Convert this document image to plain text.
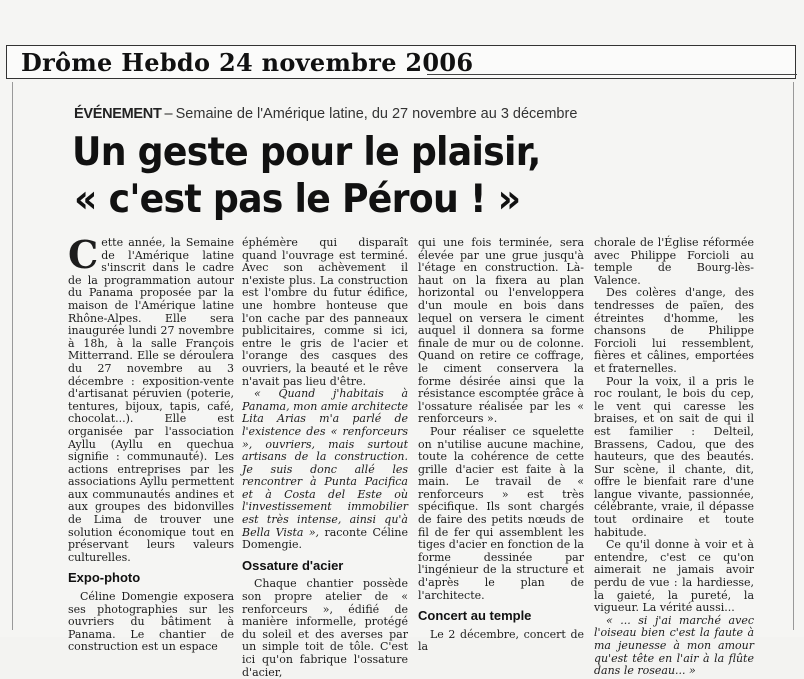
Drôme Hebdo 24 novembre 2006
ÉVÉNEMENT – Semaine de l'Amérique latine, du 27 novembre au 3 décembre
Un geste pour le plaisir,
« c'est pas le Pérou ! »

Cette année, la Semaine de l'Amérique latine s'inscrit dans le cadre de la programmation autour du Panama proposée par la maison de l'Amérique latine Rhône-Alpes. Elle sera inaugurée lundi 27 novembre à 18h, à la salle François Mitterrand. Elle se déroulera du 27 novembre au 3 décembre : exposition-vente d'artisanat péruvien (poterie, tentures, bijoux, tapis, café, chocolat...). Elle est organisée par l'association Ayllu (Ayllu en quechua signifie : communauté). Les actions entreprises par les associations Ayllu permettent aux communautés andines et aux groupes des bidonvilles de Lima de trouver une solution économique tout en préservant leurs valeurs culturelles.

Expo-photo

Céline Domengie exposera ses photographies sur les ouvriers du bâtiment à Panama. Le chantier de construction est un espace

éphémère qui disparaît quand l'ouvrage est terminé. Avec son achèvement il n'existe plus. La construction est l'ombre du futur édifice, une hombre honteuse que l'on cache par des panneaux publicitaires, comme si ici, entre le gris de l'acier et l'orange des casques des ouvriers, la beauté et le rêve n'avait pas lieu d'être.

« Quand j'habitais à Panama, mon amie architecte Lita Arias m'a parlé de l'existence des « renforceurs », ouvriers, mais surtout artisans de la construction. Je suis donc allé les rencontrer à Punta Pacifica et à Costa del Este où l'investissement immobilier est très intense, ainsi qu'à Bella Vista », raconte Céline Domengie.

Ossature d'acier

Chaque chantier possède son propre atelier de « renforceurs », édifié de manière informelle, protégé du soleil et des averses par un simple toit de tôle. C'est ici qu'on fabrique l'ossature d'acier,

qui une fois terminée, sera élevée par une grue jusqu'à l'étage en construction. Là-haut on la fixera au plan horizontal ou l'enveloppera d'un moule en bois dans lequel on versera le ciment auquel il donnera sa forme finale de mur ou de colonne. Quand on retire ce coffrage, le ciment conservera la forme désirée ainsi que la résistance escomptée grâce à l'ossature réalisée par les « renforceurs ».

Pour réaliser ce squelette on n'utilise aucune machine, toute la cohérence de cette grille d'acier est faite à la main. Le travail de « renforceurs » est très spécifique. Ils sont chargés de faire des petits nœuds de fil de fer qui assemblent les tiges d'acier en fonction de la forme dessinée par l'ingénieur de la structure et d'après le plan de l'architecte.

Concert au temple

Le 2 décembre, concert de la

chorale de l'Église réformée avec Philippe Forcioli au temple de Bourg-lès-Valence.

Des colères d'ange, des tendresses de païen, des étreintes d'homme, les chansons de Philippe Forcioli lui ressemblent, fières et câlines, emportées et fraternelles.

Pour la voix, il a pris le roc roulant, le bois du cep, le vent qui caresse les braises, et on sait de qui il est familier : Delteil, Brassens, Cadou, que des hauteurs, que des beautés. Sur scène, il chante, dit, offre le bienfait rare d'une langue vivante, passionnée, célébrante, vraie, il dépasse tout ordinaire et toute habitude.

Ce qu'il donne à voir et à entendre, c'est ce qu'on aimerait ne jamais avoir perdu de vue : la hardiesse, la gaieté, la pureté, la vigueur. La vérité aussi...

« ... si j'ai marché avec l'oiseau bien c'est la faute à ma jeunesse à mon amour qu'est tête en l'air à la flûte dans le roseau... »
